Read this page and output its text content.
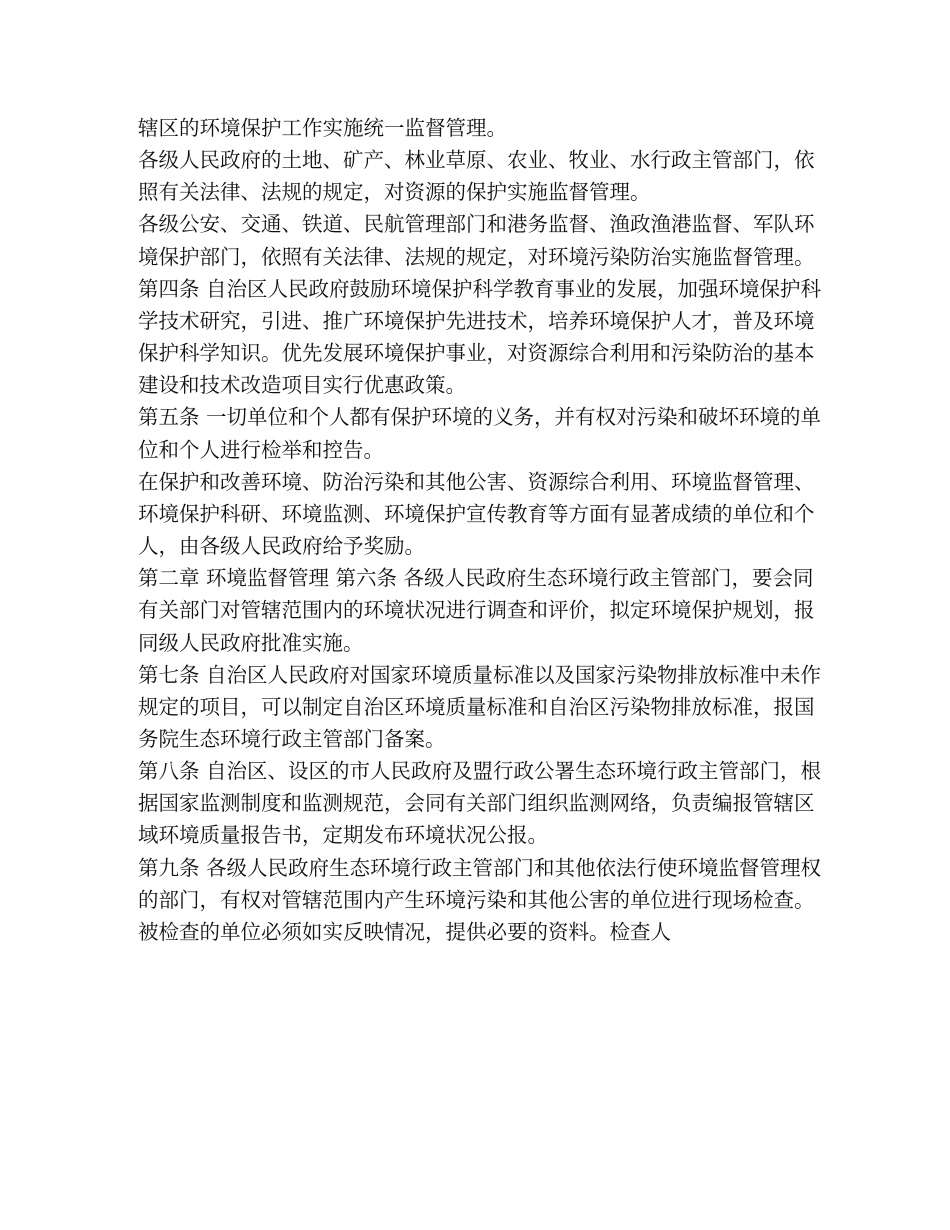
辖区的环境保护工作实施统一监督管理。

各级人民政府的土地、矿产、林业草原、农业、牧业、水行政主管部门，依照有关法律、法规的规定，对资源的保护实施监督管理。

各级公安、交通、铁道、民航管理部门和港务监督、渔政渔港监督、军队环境保护部门，依照有关法律、法规的规定，对环境污染防治实施监督管理。

第四条 自治区人民政府鼓励环境保护科学教育事业的发展，加强环境保护科学技术研究，引进、推广环境保护先进技术，培养环境保护人才，普及环境保护科学知识。优先发展环境保护事业，对资源综合利用和污染防治的基本建设和技术改造项目实行优惠政策。

第五条 一切单位和个人都有保护环境的义务，并有权对污染和破坏环境的单位和个人进行检举和控告。

在保护和改善环境、防治污染和其他公害、资源综合利用、环境监督管理、环境保护科研、环境监测、环境保护宣传教育等方面有显著成绩的单位和个人，由各级人民政府给予奖励。

第二章 环境监督管理 第六条 各级人民政府生态环境行政主管部门，要会同有关部门对管辖范围内的环境状况进行调查和评价，拟定环境保护规划，报同级人民政府批准实施。

第七条 自治区人民政府对国家环境质量标准以及国家污染物排放标准中未作规定的项目，可以制定自治区环境质量标准和自治区污染物排放标准，报国务院生态环境行政主管部门备案。

第八条 自治区、设区的市人民政府及盟行政公署生态环境行政主管部门，根据国家监测制度和监测规范，会同有关部门组织监测网络，负责编报管辖区域环境质量报告书，定期发布环境状况公报。

第九条 各级人民政府生态环境行政主管部门和其他依法行使环境监督管理权的部门，有权对管辖范围内产生环境污染和其他公害的单位进行现场检查。被检查的单位必须如实反映情况，提供必要的资料。检查人
